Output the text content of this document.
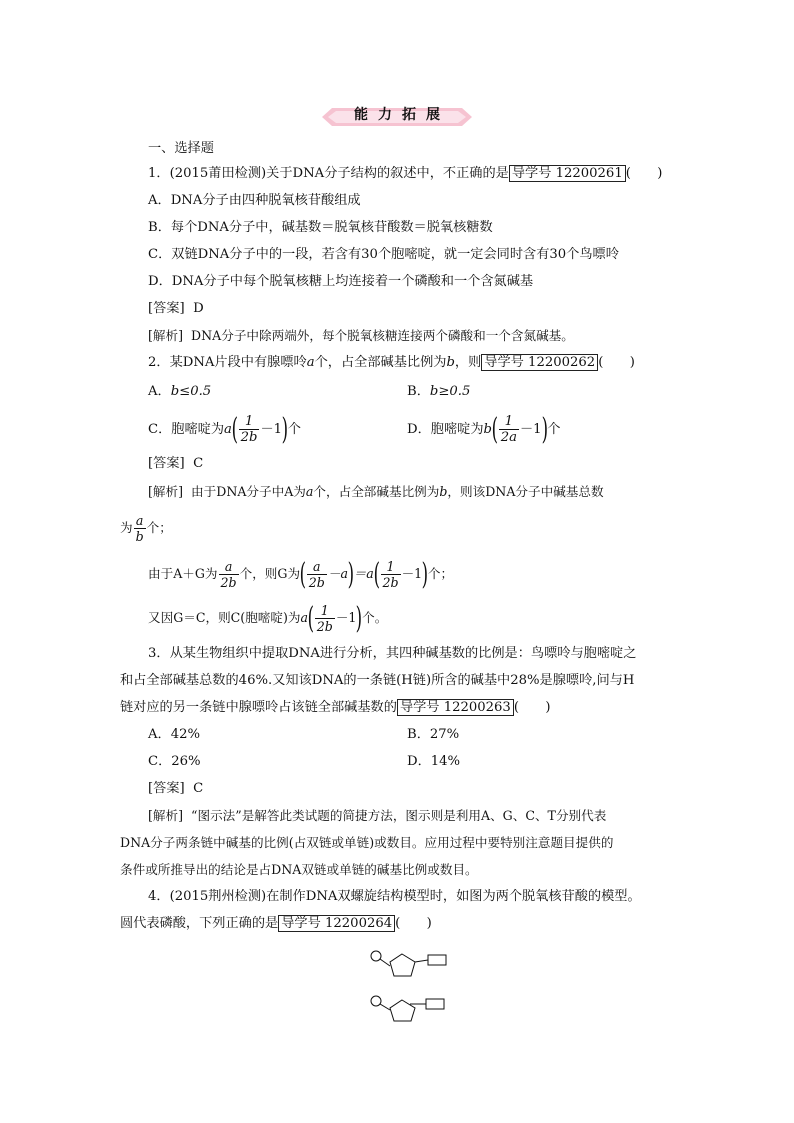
能力拓展
一、选择题
1．(2015莆田检测)关于DNA分子结构的叙述中，不正确的是 导学号 12200261 (　　)
A．DNA分子由四种脱氧核苷酸组成
B．每个DNA分子中，碱基数＝脱氧核苷酸数＝脱氧核糖数
C．双链DNA分子中的一段，若含有30个胞嘧啶，就一定会同时含有30个鸟嘌呤
D．DNA分子中每个脱氧核糖上均连接着一个磷酸和一个含氮碱基
[答案] D
[解析] DNA分子中除两端外，每个脱氧核糖连接两个磷酸和一个含氮碱基。
2．某DNA片段中有腺嘌呤a个，占全部碱基比例为b，则 导学号 12200262 (　　)
A．b≤0.5	B．b≥0.5
C．胞嘧啶为$a( \frac{1}{2b} -1)$个	D．胞嘧啶为$b( \frac{1}{2a} -1)$个
[答案] C
[解析] 由于DNA分子中A为a个，占全部碱基比例为b，则该DNA分子中碱基总数
为 $\frac{a}{b}$ 个；
由于A＋G为 $\frac{a}{2b}$ 个，则G为( $\frac{a}{2b} -a)=a( \frac{1}{2b} -1)$个；
又因G＝C，则C(胞嘧啶)为$a( \frac{1}{2b} -1)$个。
3．从某生物组织中提取DNA进行分析，其四种碱基数的比例是：鸟嘌呤与胞嘧啶之
和占全部碱基总数的46%.又知该DNA的一条链(H链)所含的碱基中28%是腺嘌呤,问与H
链对应的另一条链中腺嘌呤占该链全部碱基数的 导学号 12200263 (　　)
A．42%	B．27%
C．26%	D．14%
[答案] C
[解析] “图示法”是解答此类试题的简捷方法，图示则是利用A、G、C、T分别代表
DNA分子两条链中碱基的比例(占双链或单链)或数目。应用过程中要特别注意题目提供的
条件或所推导出的结论是占DNA双链或单链的碱基比例或数目。
4．(2015荆州检测)在制作DNA双螺旋结构模型时，如图为两个脱氧核苷酸的模型。
圆代表磷酸，下列正确的是 导学号 12200264 (　　)
